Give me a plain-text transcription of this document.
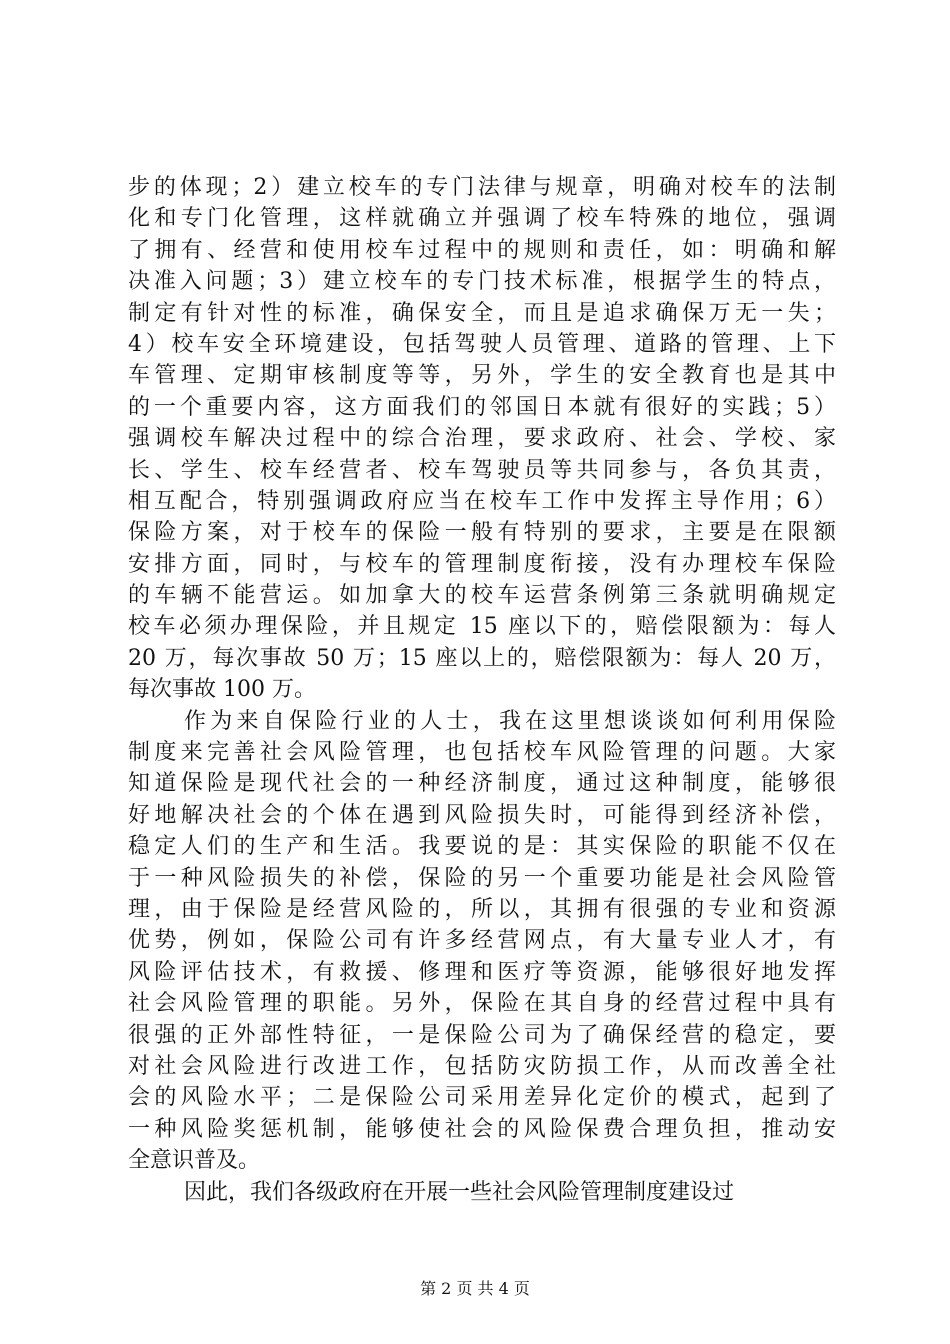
步的体现；2）建立校车的专门法律与规章，明确对校车的法制
化和专门化管理，这样就确立并强调了校车特殊的地位，强调
了拥有、经营和使用校车过程中的规则和责任，如：明确和解
决准入问题；3）建立校车的专门技术标准，根据学生的特点，
制定有针对性的标准，确保安全，而且是追求确保万无一失；
4）校车安全环境建设，包括驾驶人员管理、道路的管理、上下
车管理、定期审核制度等等，另外，学生的安全教育也是其中
的一个重要内容，这方面我们的邻国日本就有很好的实践；5）
强调校车解决过程中的综合治理，要求政府、社会、学校、家
长、学生、校车经营者、校车驾驶员等共同参与，各负其责，
相互配合，特别强调政府应当在校车工作中发挥主导作用；6）
保险方案，对于校车的保险一般有特别的要求，主要是在限额
安排方面，同时，与校车的管理制度衔接，没有办理校车保险
的车辆不能营运。如加拿大的校车运营条例第三条就明确规定
校车必须办理保险，并且规定 15 座以下的，赔偿限额为：每人
20 万，每次事故 50 万；15 座以上的，赔偿限额为：每人 20 万，
每次事故 100 万。
作为来自保险行业的人士，我在这里想谈谈如何利用保险
制度来完善社会风险管理，也包括校车风险管理的问题。大家
知道保险是现代社会的一种经济制度，通过这种制度，能够很
好地解决社会的个体在遇到风险损失时，可能得到经济补偿，
稳定人们的生产和生活。我要说的是：其实保险的职能不仅在
于一种风险损失的补偿，保险的另一个重要功能是社会风险管
理，由于保险是经营风险的，所以，其拥有很强的专业和资源
优势，例如，保险公司有许多经营网点，有大量专业人才，有
风险评估技术，有救援、修理和医疗等资源，能够很好地发挥
社会风险管理的职能。另外，保险在其自身的经营过程中具有
很强的正外部性特征，一是保险公司为了确保经营的稳定，要
对社会风险进行改进工作，包括防灾防损工作，从而改善全社
会的风险水平；二是保险公司采用差异化定价的模式，起到了
一种风险奖惩机制，能够使社会的风险保费合理负担，推动安
全意识普及。
因此，我们各级政府在开展一些社会风险管理制度建设过
第 2 页 共 4 页
